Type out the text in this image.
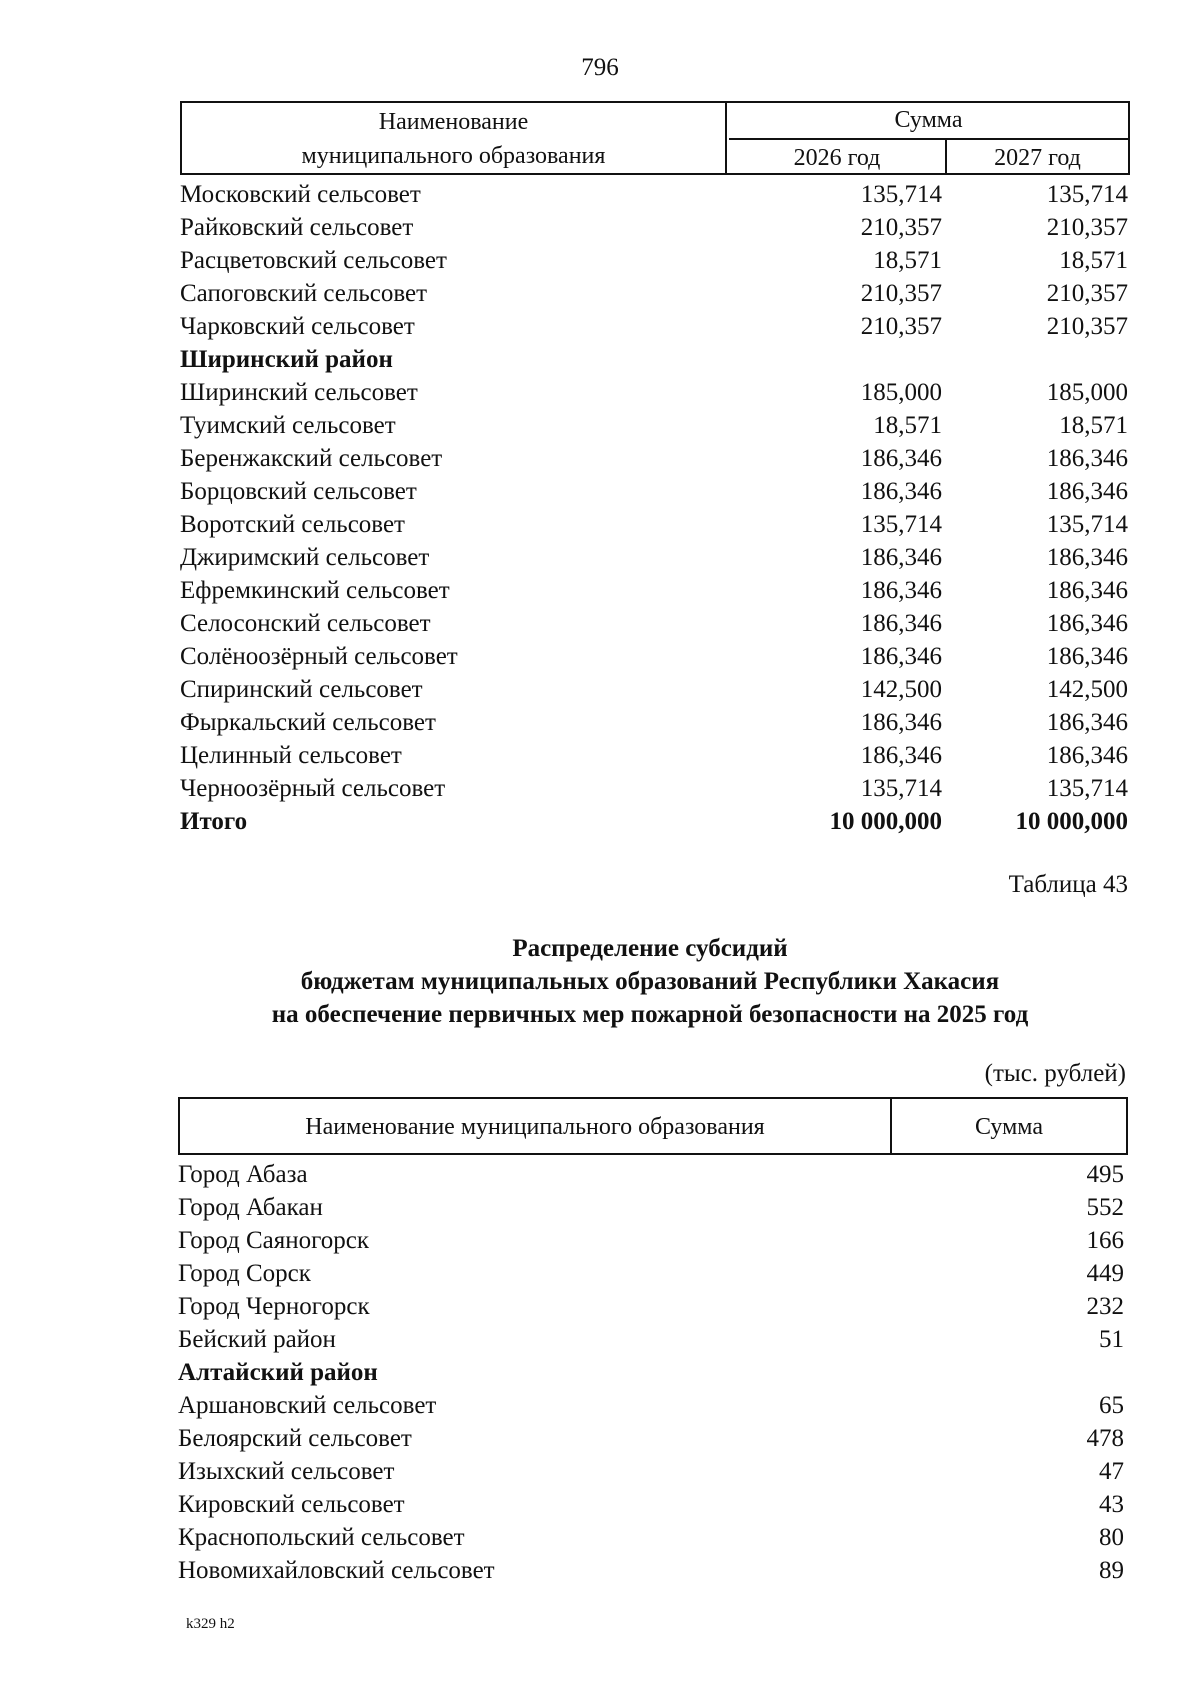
796
Наименование
муниципального образования
Сумма
2026 год	2027 год
Московский сельсовет	135,714	135,714
Райковский сельсовет	210,357	210,357
Расцветовский сельсовет	18,571	18,571
Сапоговский сельсовет	210,357	210,357
Чарковский сельсовет	210,357	210,357
Ширинский район
Ширинский сельсовет	185,000	185,000
Туимский сельсовет	18,571	18,571
Беренжакский сельсовет	186,346	186,346
Борцовский сельсовет	186,346	186,346
Воротский сельсовет	135,714	135,714
Джиримский сельсовет	186,346	186,346
Ефремкинский сельсовет	186,346	186,346
Селосонский сельсовет	186,346	186,346
Солёноозёрный сельсовет	186,346	186,346
Спиринский сельсовет	142,500	142,500
Фыркальский сельсовет	186,346	186,346
Целинный сельсовет	186,346	186,346
Черноозёрный сельсовет	135,714	135,714
Итого	10 000,000	10 000,000
Таблица 43
Распределение субсидий
бюджетам муниципальных образований Республики Хакасия
на обеспечение первичных мер пожарной безопасности на 2025 год
(тыс. рублей)
Наименование муниципального образования	Сумма
Город Абаза	495
Город Абакан	552
Город Саяногорск	166
Город Сорск	449
Город Черногорск	232
Бейский район	51
Алтайский район
Аршановский сельсовет	65
Белоярский сельсовет	478
Изыхский сельсовет	47
Кировский сельсовет	43
Краснопольский сельсовет	80
Новомихайловский сельсовет	89
k329 h2
